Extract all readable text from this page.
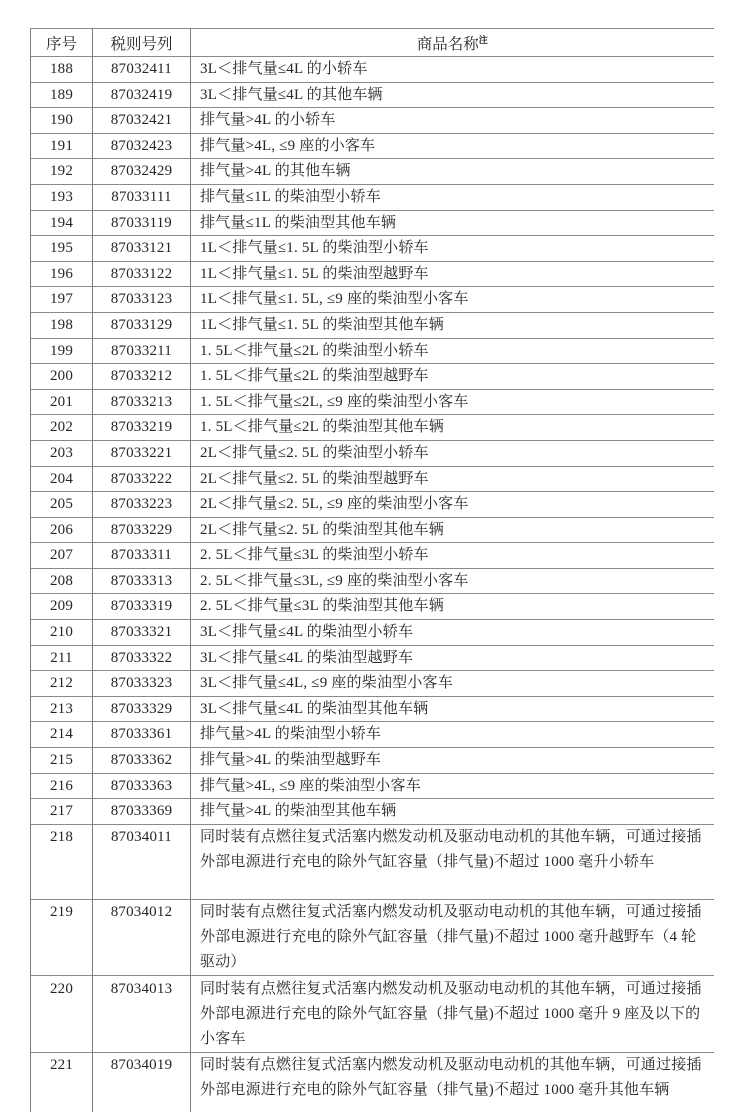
序号	税则号列	商品名称$^注$
188	87032411	3L＜排气量≤4L 的小轿车
189	87032419	3L＜排气量≤4L 的其他车辆
190	87032421	排气量>4L 的小轿车
191	87032423	排气量>4L, ≤9 座的小客车
192	87032429	排气量>4L 的其他车辆
193	87033111	排气量≤1L 的柴油型小轿车
194	87033119	排气量≤1L 的柴油型其他车辆
195	87033121	1L＜排气量≤1. 5L 的柴油型小轿车
196	87033122	1L＜排气量≤1. 5L 的柴油型越野车
197	87033123	1L＜排气量≤1. 5L, ≤9 座的柴油型小客车
198	87033129	1L＜排气量≤1. 5L 的柴油型其他车辆
199	87033211	1. 5L＜排气量≤2L 的柴油型小轿车
200	87033212	1. 5L＜排气量≤2L 的柴油型越野车
201	87033213	1. 5L＜排气量≤2L, ≤9 座的柴油型小客车
202	87033219	1. 5L＜排气量≤2L 的柴油型其他车辆
203	87033221	2L＜排气量≤2. 5L 的柴油型小轿车
204	87033222	2L＜排气量≤2. 5L 的柴油型越野车
205	87033223	2L＜排气量≤2. 5L, ≤9 座的柴油型小客车
206	87033229	2L＜排气量≤2. 5L 的柴油型其他车辆
207	87033311	2. 5L＜排气量≤3L 的柴油型小轿车
208	87033313	2. 5L＜排气量≤3L, ≤9 座的柴油型小客车
209	87033319	2. 5L＜排气量≤3L 的柴油型其他车辆
210	87033321	3L＜排气量≤4L 的柴油型小轿车
211	87033322	3L＜排气量≤4L 的柴油型越野车
212	87033323	3L＜排气量≤4L, ≤9 座的柴油型小客车
213	87033329	3L＜排气量≤4L 的柴油型其他车辆
214	87033361	排气量>4L 的柴油型小轿车
215	87033362	排气量>4L 的柴油型越野车
216	87033363	排气量>4L, ≤9 座的柴油型小客车
217	87033369	排气量>4L 的柴油型其他车辆
218	87034011	同时装有点燃往复式活塞内燃发动机及驱动电动机的其他车辆，可通过接插外部电源进行充电的除外气缸容量（排气量)不超过 1000 毫升小轿车
219	87034012	同时装有点燃往复式活塞内燃发动机及驱动电动机的其他车辆，可通过接插外部电源进行充电的除外气缸容量（排气量)不超过 1000 毫升越野车（4 轮驱动）
220	87034013	同时装有点燃往复式活塞内燃发动机及驱动电动机的其他车辆，可通过接插外部电源进行充电的除外气缸容量（排气量)不超过 1000 毫升 9 座及以下的小客车
221	87034019	同时装有点燃往复式活塞内燃发动机及驱动电动机的其他车辆，可通过接插外部电源进行充电的除外气缸容量（排气量)不超过 1000 毫升其他车辆
